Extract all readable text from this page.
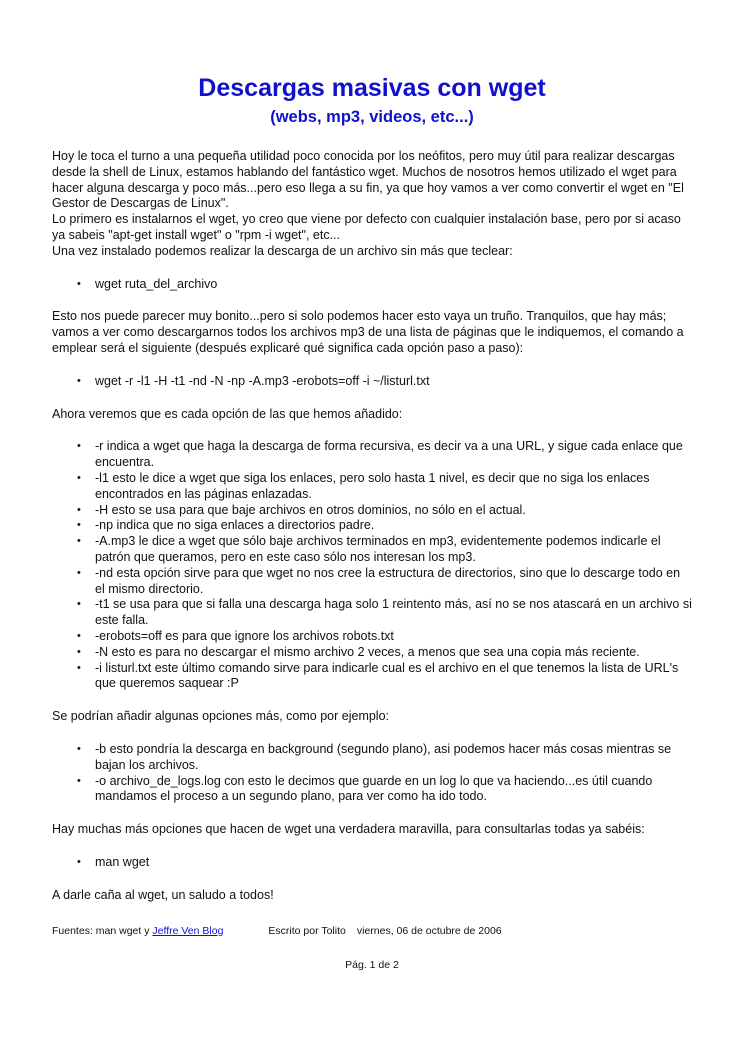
Descargas masivas con wget
(webs, mp3, videos, etc...)

Hoy le toca el turno a una pequeña utilidad poco conocida por los neófitos, pero muy útil para realizar descargas desde la shell de Linux, estamos hablando del fantástico wget. Muchos de nosotros hemos utilizado el wget para hacer alguna descarga y poco más...pero eso llega a su fin, ya que hoy vamos a ver como convertir el wget en "El Gestor de Descargas de Linux".

Lo primero es instalarnos el wget, yo creo que viene por defecto con cualquier instalación base, pero por si acaso ya sabeis "apt-get install wget" o "rpm -i wget", etc...

Una vez instalado podemos realizar la descarga de un archivo sin más que teclear:

• wget ruta_del_archivo

Esto nos puede parecer muy bonito...pero si solo podemos hacer esto vaya un truño. Tranquilos, que hay más; vamos a ver como descargarnos todos los archivos mp3 de una lista de páginas que le indiquemos, el comando a emplear será el siguiente (después explicaré qué significa cada opción paso a paso):

• wget -r -l1 -H -t1 -nd -N -np -A.mp3 -erobots=off -i ~/listurl.txt

Ahora veremos que es cada opción de las que hemos añadido:

• -r indica a wget que haga la descarga de forma recursiva, es decir va a una URL, y sigue cada enlace que encuentra.
• -l1 esto le dice a wget que siga los enlaces, pero solo hasta 1 nivel, es decir que no siga los enlaces encontrados en las páginas enlazadas.
• -H esto se usa para que baje archivos en otros dominios, no sólo en el actual.
• -np indica que no siga enlaces a directorios padre.
• -A.mp3 le dice a wget que sólo baje archivos terminados en mp3, evidentemente podemos indicarle el patrón que queramos, pero en este caso sólo nos interesan los mp3.
• -nd esta opción sirve para que wget no nos cree la estructura de directorios, sino que lo descarge todo en el mismo directorio.
• -t1 se usa para que si falla una descarga haga solo 1 reintento más, así no se nos atascará en un archivo si este falla.
• -erobots=off es para que ignore los archivos robots.txt
• -N esto es para no descargar el mismo archivo 2 veces, a menos que sea una copia más reciente.
• -i listurl.txt este último comando sirve para indicarle cual es el archivo en el que tenemos la lista de URL's que queremos saquear :P

Se podrían añadir algunas opciones más, como por ejemplo:

• -b esto pondría la descarga en background (segundo plano), asi podemos hacer más cosas mientras se bajan los archivos.
• -o archivo_de_logs.log con esto le decimos que guarde en un log lo que va haciendo...es útil cuando mandamos el proceso a un segundo plano, para ver como ha ido todo.

Hay muchas más opciones que hacen de wget una verdadera maravilla, para consultarlas todas ya sabéis:

• man wget

A darle caña al wget, un saludo a todos!

Fuentes: man wget y Jeffre Ven Blog	Escrito por Tolito viernes, 06 de octubre de 2006
Pág. 1 de 2
